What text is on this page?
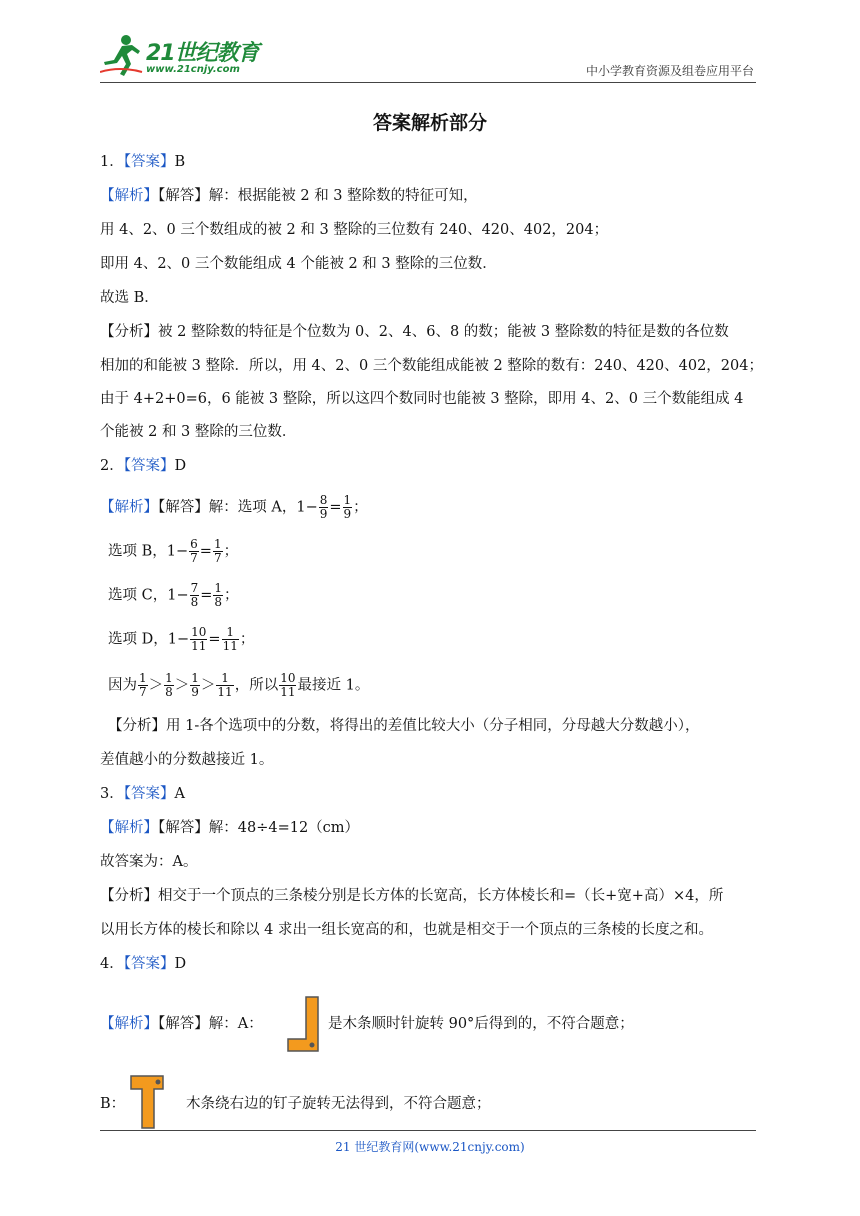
21世纪教育
www.21cnjy.com	中小学教育资源及组卷应用平台
答案解析部分
1．【答案】B
【解析】【解答】解：根据能被 2 和 3 整除数的特征可知，
用 4、2、0 三个数组成的被 2 和 3 整除的三位数有 240、420、402，204；
即用 4、2、0 三个数能组成 4 个能被 2 和 3 整除的三位数．
故选 B．
【分析】被 2 整除数的特征是个位数为 0、2、4、6、8 的数；能被 3 整除数的特征是数的各位数
相加的和能被 3 整除．所以，用 4、2、0 三个数能组成能被 2 整除的数有：240、420、402，204；
由于 4+2+0=6，6 能被 3 整除，所以这四个数同时也能被 3 整除，即用 4、2、0 三个数能组成 4
个能被 2 和 3 整除的三位数．
2．【答案】D
【解析】【解答】解：选项 A，$1- \frac{8}{9} = \frac{1}{9}$ ；
选项 B，$1- \frac{6}{7} = \frac{1}{7}$ ；
选项 C，$1- \frac{7}{8} = \frac{1}{8}$ ；
选项 D，$1- \frac{10}{11} = \frac{1}{11}$ ；
因为 $\frac{1}{7} > \frac{1}{8} > \frac{1}{9} > \frac{1}{11}$ ，所以 $\frac{10}{11}$ 最接近 1。
【分析】用 1-各个选项中的分数，将得出的差值比较大小（分子相同，分母越大分数越小），
差值越小的分数越接近 1。
3．【答案】A
【解析】【解答】解：48÷4=12（cm）
故答案为：A。
【分析】相交于一个顶点的三条棱分别是长方体的长宽高，长方体棱长和=（长+宽+高）×4，所
以用长方体的棱长和除以 4 求出一组长宽高的和，也就是相交于一个顶点的三条棱的长度之和。
4．【答案】D
【解析】【解答】解：A：	是木条顺时针旋转 90°后得到的，不符合题意；
B：	木条绕右边的钉子旋转无法得到，不符合题意；
21 世纪教育网(www.21cnjy.com)
